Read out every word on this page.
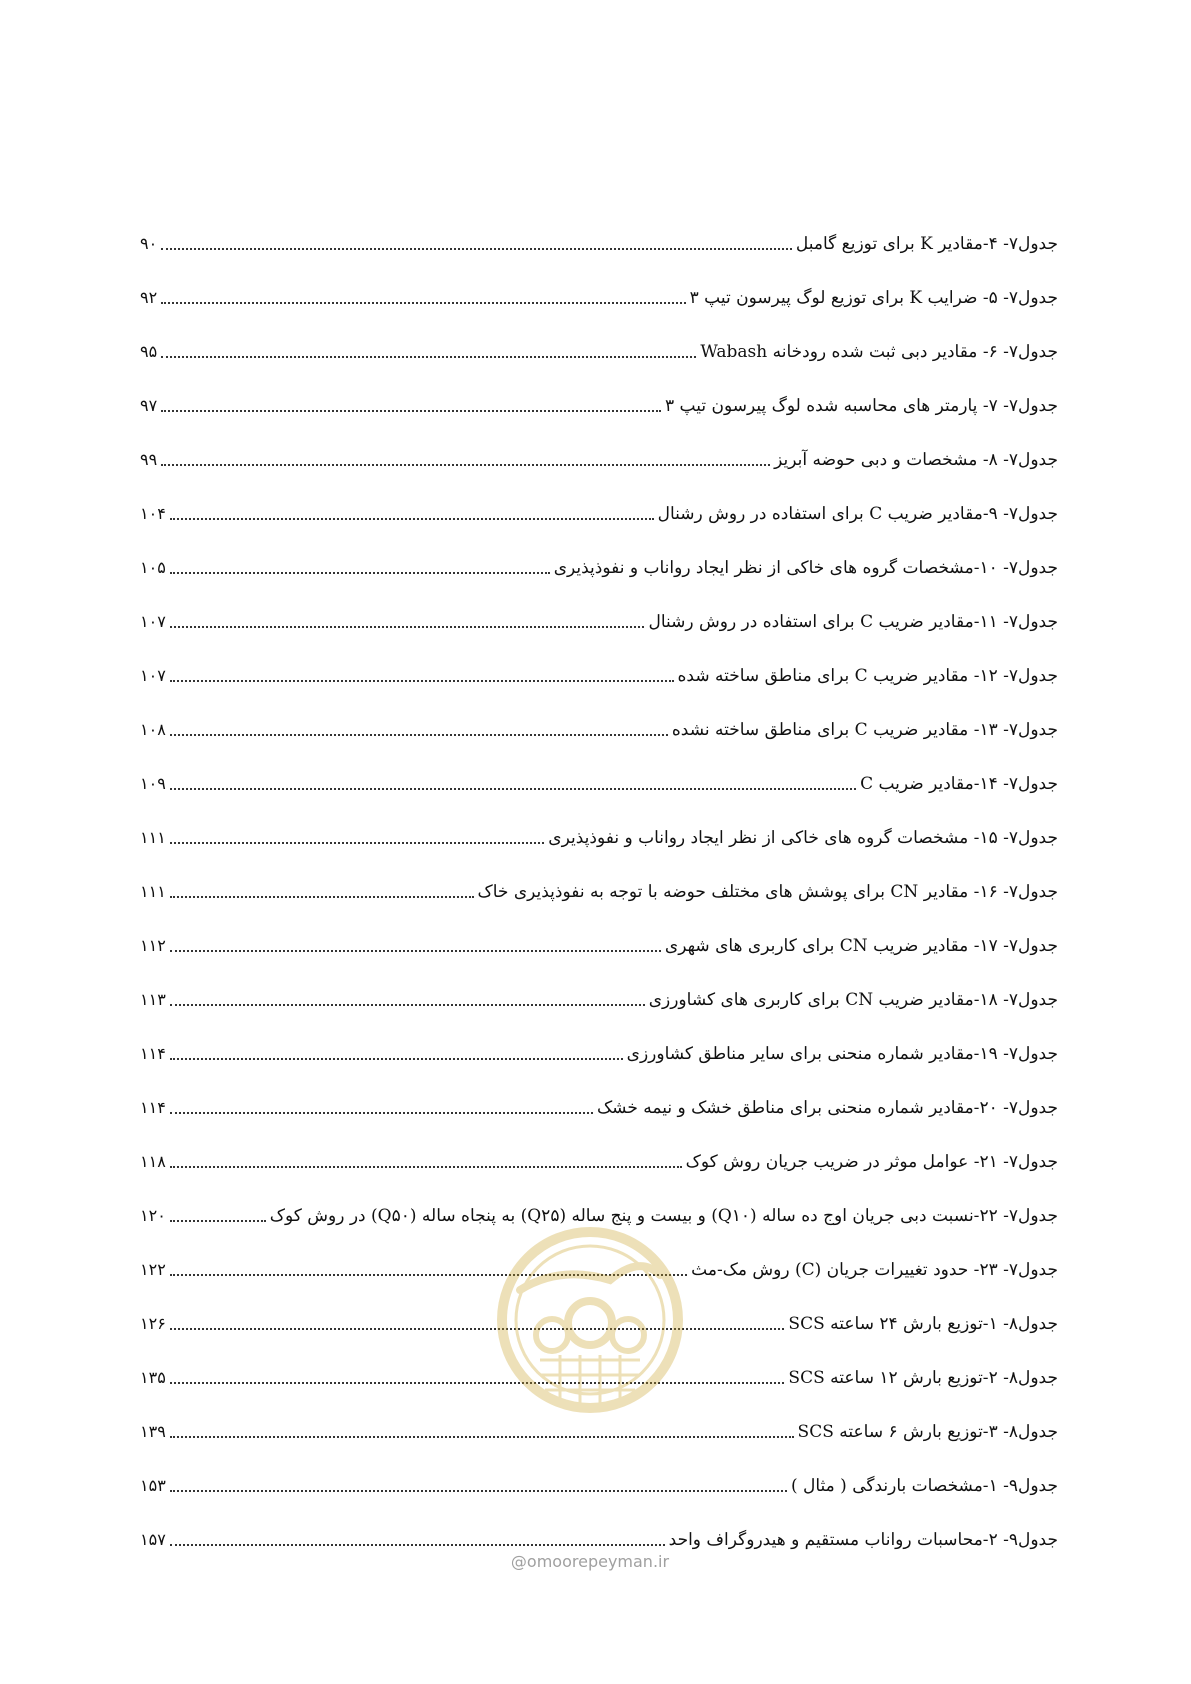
جدول۷- ۴-مقادیر K برای توزیع گامبل
۹۰
جدول۷- ۵- ضرایب K برای توزیع لوگ پیرسون تیپ ۳
۹۲
جدول۷- ۶- مقادیر دبی ثبت شده رودخانه Wabash
۹۵
جدول۷- ۷- پارمتر های محاسبه شده لوگ پیرسون تیپ ۳
۹۷
جدول۷- ۸- مشخصات و دبی حوضه آبریز
۹۹
جدول۷- ۹-مقادیر ضریب C برای استفاده در روش رشنال
۱۰۴
جدول۷- ۱۰-مشخصات گروه های خاکی از نظر ایجاد رواناب و نفوذپذیری
۱۰۵
جدول۷- ۱۱-مقادیر ضریب C برای استفاده در روش رشنال
۱۰۷
جدول۷- ۱۲- مقادیر ضریب C برای مناطق ساخته شده
۱۰۷
جدول۷- ۱۳- مقادیر ضریب C برای مناطق ساخته نشده
۱۰۸
جدول۷- ۱۴-مقادیر ضریب C
۱۰۹
جدول۷- ۱۵- مشخصات گروه های خاکی از نظر ایجاد رواناب و نفوذپذیری
۱۱۱
جدول۷- ۱۶- مقادیر CN برای پوشش های مختلف حوضه با توجه به نفوذپذیری خاک
۱۱۱
جدول۷- ۱۷- مقادیر ضریب CN برای کاربری های شهری
۱۱۲
جدول۷- ۱۸-مقادیر ضریب CN برای کاربری های کشاورزی
۱۱۳
جدول۷- ۱۹-مقادیر شماره منحنی برای سایر مناطق کشاورزی
۱۱۴
جدول۷- ۲۰-مقادیر شماره منحنی برای مناطق خشک و نیمه خشک
۱۱۴
جدول۷- ۲۱- عوامل موثر در ضریب جریان روش کوک
۱۱۸
جدول۷- ۲۲-نسبت دبی جریان اوج ده ساله (Q۱۰) و بیست و پنج ساله (Q۲۵) به پنجاه ساله (Q۵۰) در روش کوک
۱۲۰
جدول۷- ۲۳- حدود تغییرات جریان (C) روش مک-مث
۱۲۲
جدول۸- ۱-توزیع بارش ۲۴ ساعته SCS
۱۲۶
جدول۸- ۲-توزیع بارش ۱۲ ساعته SCS
۱۳۵
جدول۸- ۳-توزیع بارش ۶ ساعته SCS
۱۳۹
جدول۹- ۱-مشخصات بارندگی ( مثال )
۱۵۳
جدول۹- ۲-محاسبات رواناب مستقیم و هیدروگراف واحد
۱۵۷
@omoorepeyman.ir
